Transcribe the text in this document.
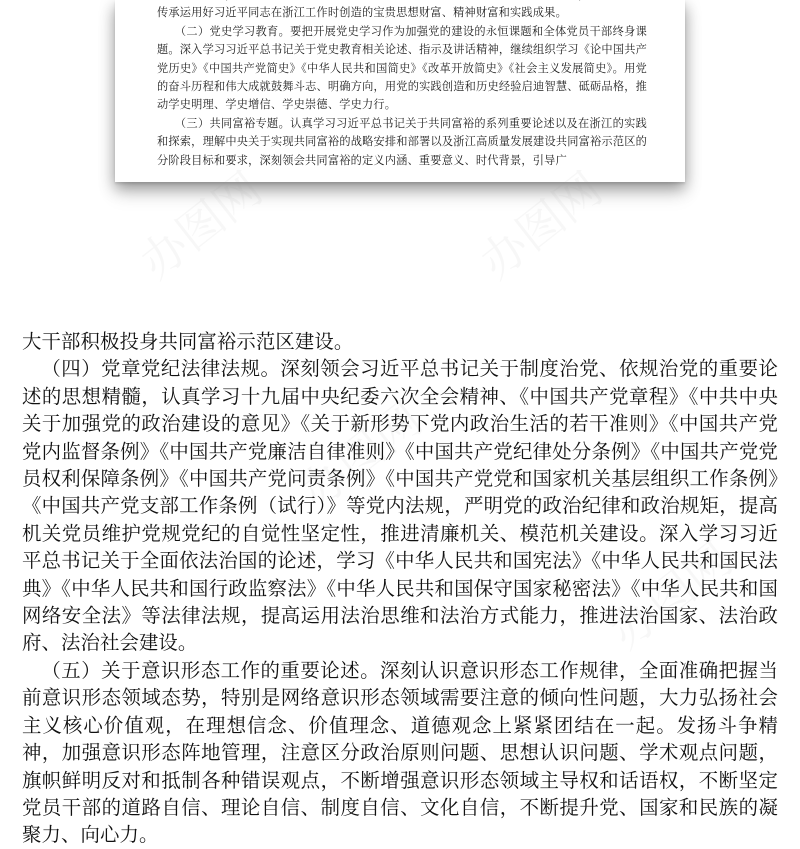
传承运用好习近平同志在浙江工作时创造的宝贵思想财富、精神财富和实践成果。

（二）党史学习教育。要把开展党史学习作为加强党的建设的永恒课题和全体党员干部终身课题。深入学习习近平总书记关于党史教育相关论述、指示及讲话精神，继续组织学习《论中国共产党历史》《中国共产党简史》《中华人民共和国简史》《改革开放简史》《社会主义发展简史》。用党的奋斗历程和伟大成就鼓舞斗志、明确方向，用党的实践创造和历史经验启迪智慧、砥砺品格，推动学史明理、学史增信、学史崇德、学史力行。

（三）共同富裕专题。认真学习习近平总书记关于共同富裕的系列重要论述以及在浙江的实践和探索，理解中央关于实现共同富裕的战略安排和部署以及浙江高质量发展建设共同富裕示范区的分阶段目标和要求，深刻领会共同富裕的定义内涵、重要意义、时代背景，引导广

办图网
办图网

大干部积极投身共同富裕示范区建设。

（四）党章党纪法律法规。深刻领会习近平总书记关于制度治党、依规治党的重要论述的思想精髓，认真学习十九届中央纪委六次全会精神、《中国共产党章程》《中共中央关于加强党的政治建设的意见》《关于新形势下党内政治生活的若干准则》《中国共产党党内监督条例》《中国共产党廉洁自律准则》《中国共产党纪律处分条例》《中国共产党党员权利保障条例》《中国共产党问责条例》《中国共产党党和国家机关基层组织工作条例》《中国共产党支部工作条例（试行）》等党内法规，严明党的政治纪律和政治规矩，提高机关党员维护党规党纪的自觉性坚定性，推进清廉机关、模范机关建设。深入学习习近平总书记关于全面依法治国的论述，学习《中华人民共和国宪法》《中华人民共和国民法典》《中华人民共和国行政监察法》《中华人民共和国保守国家秘密法》《中华人民共和国网络安全法》等法律法规，提高运用法治思维和法治方式能力，推进法治国家、法治政府、法治社会建设。

（五）关于意识形态工作的重要论述。深刻认识意识形态工作规律，全面准确把握当前意识形态领域态势，特别是网络意识形态领域需要注意的倾向性问题，大力弘扬社会主义核心价值观，在理想信念、价值理念、道德观念上紧紧团结在一起。发扬斗争精神，加强意识形态阵地管理，注意区分政治原则问题、思想认识问题、学术观点问题，旗帜鲜明反对和抵制各种错误观点，不断增强意识形态领域主导权和话语权，不断坚定党员干部的道路自信、理论自信、制度自信、文化自信，不断提升党、国家和民族的凝聚力、向心力。
